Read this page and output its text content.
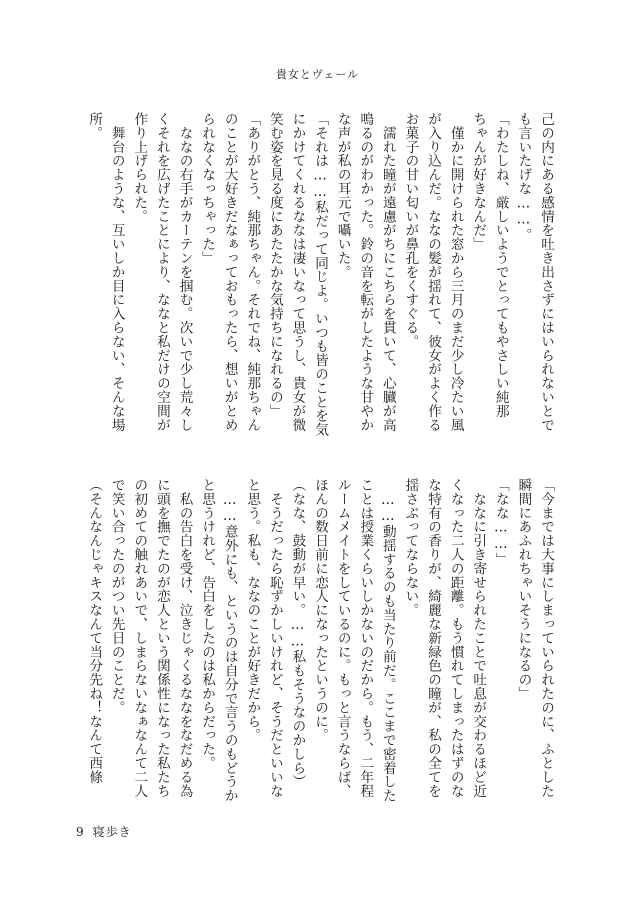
貴女とヴェール
己の内にある感情を吐き出さずにはいられないとで
も言いたげな……。
「わたしね、厳しいようでとってもやさしい純那
ちゃんが好きなんだ」
　僅かに開けられた窓から三月のまだ少し冷たい風
が入り込んだ。ななの髪が揺れて、彼女がよく作る
お菓子の甘い匂いが鼻孔をくすぐる。
　濡れた瞳が遠慮がちにこちらを貫いて、心臓が高
鳴るのがわかった。鈴の音を転がしたような甘やか
な声が私の耳元で囁いた。
「それは……私だって同じよ。いつも皆のことを気
にかけてくれるななは凄いなって思うし、貴女が微
笑む姿を見る度にあたたかな気持ちになれるの」
「ありがとう、純那ちゃん。それでね、純那ちゃん
のことが大好きだなぁっておもったら、想いがとめ
られなくなっちゃった」
　ななの右手がカーテンを掴む。次いで少し荒々し
くそれを広げたことにより、ななと私だけの空間が
作り上げられた。
　舞台のような、互いしか目に入らない、そんな場
所。
「今までは大事にしまっていられたのに、ふとした
瞬間にあふれちゃいそうになるの」
「なな……」
　ななに引き寄せられたことで吐息が交わるほど近
くなった二人の距離。もう慣れてしまったはずのな
な特有の香りが、綺麗な新緑色の瞳が、私の全てを
揺さぶってならない。
　……動揺するのも当たり前だ。ここまで密着した
ことは授業くらいしかないのだから。もう、二年程
ルームメイトをしているのに。もっと言うならば、
ほんの数日前に恋人になったというのに。
（なな、鼓動が早い。……私もそうなのかしら）
　そうだったら恥ずかしいけれど、そうだといいな
と思う。私も、ななのことが好きだから。
　……意外にも、というのは自分で言うのもどうか
と思うけれど、告白をしたのは私からだった。
　私の告白を受け、泣きじゃくるななをなだめる為
に頭を撫でたのが恋人という関係性になった私たち
の初めての触れあいで、しまらないなぁなんて二人
で笑い合ったのがつい先日のことだ。
（そんなんじゃキスなんて当分先ね！なんて西條
9 寝歩き
